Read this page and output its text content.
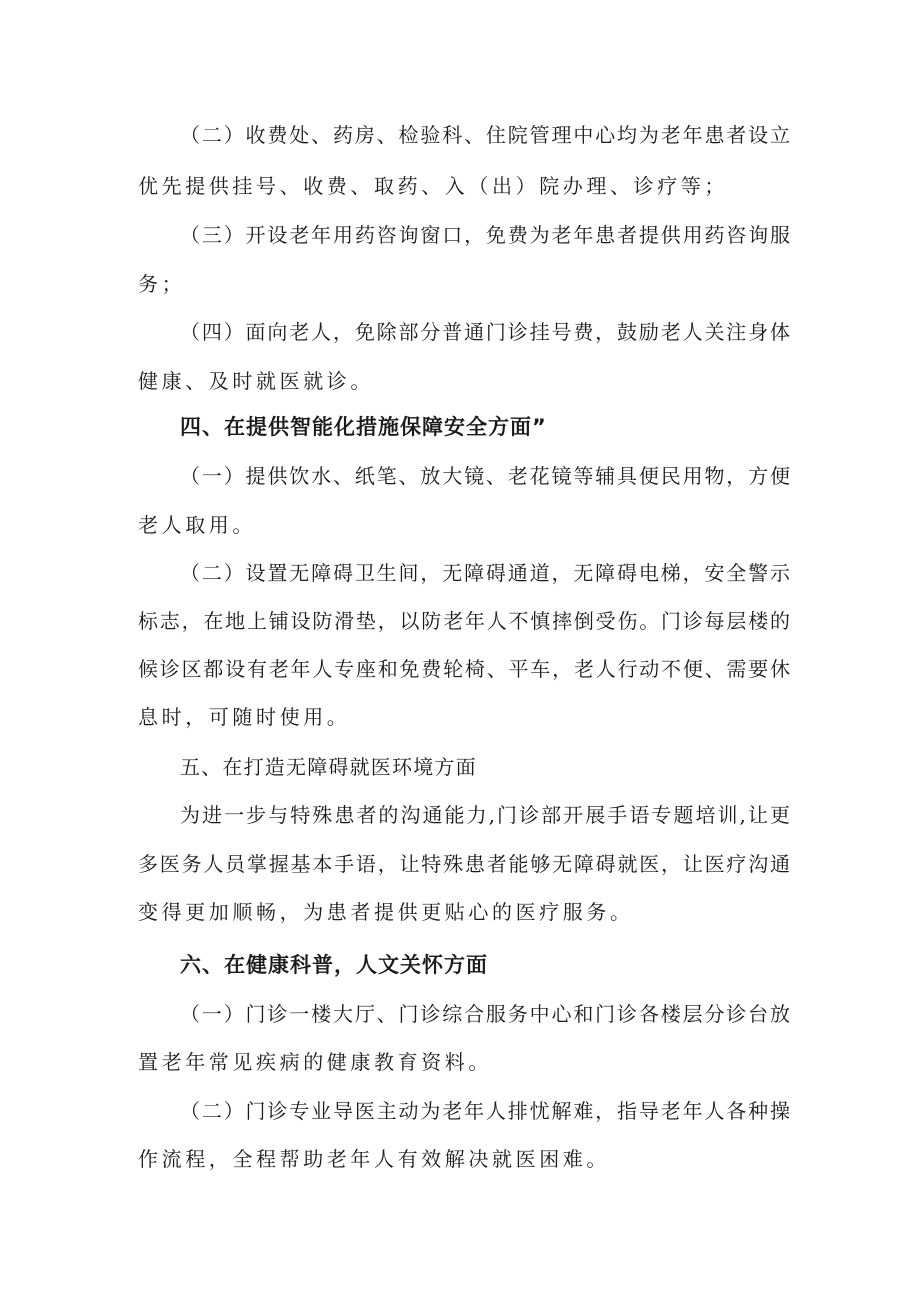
（二）收费处、药房、检验科、住院管理中心均为老年患者设立
优先提供挂号、收费、取药、入（出）院办理、诊疗等；
（三）开设老年用药咨询窗口，免费为老年患者提供用药咨询服
务；
（四）面向老人，免除部分普通门诊挂号费，鼓励老人关注身体
健康、及时就医就诊。
四、在提供智能化措施保障安全方面”
（一）提供饮水、纸笔、放大镜、老花镜等辅具便民用物，方便
老人取用。
（二）设置无障碍卫生间，无障碍通道，无障碍电梯，安全警示
标志，在地上铺设防滑垫，以防老年人不慎摔倒受伤。门诊每层楼的
候诊区都设有老年人专座和免费轮椅、平车，老人行动不便、需要休
息时，可随时使用。
五、在打造无障碍就医环境方面
为进一步与特殊患者的沟通能力,门诊部开展手语专题培训,让更
多医务人员掌握基本手语，让特殊患者能够无障碍就医，让医疗沟通
变得更加顺畅，为患者提供更贴心的医疗服务。
六、在健康科普，人文关怀方面
（一）门诊一楼大厅、门诊综合服务中心和门诊各楼层分诊台放
置老年常见疾病的健康教育资料。
（二）门诊专业导医主动为老年人排忧解难，指导老年人各种操
作流程，全程帮助老年人有效解决就医困难。
